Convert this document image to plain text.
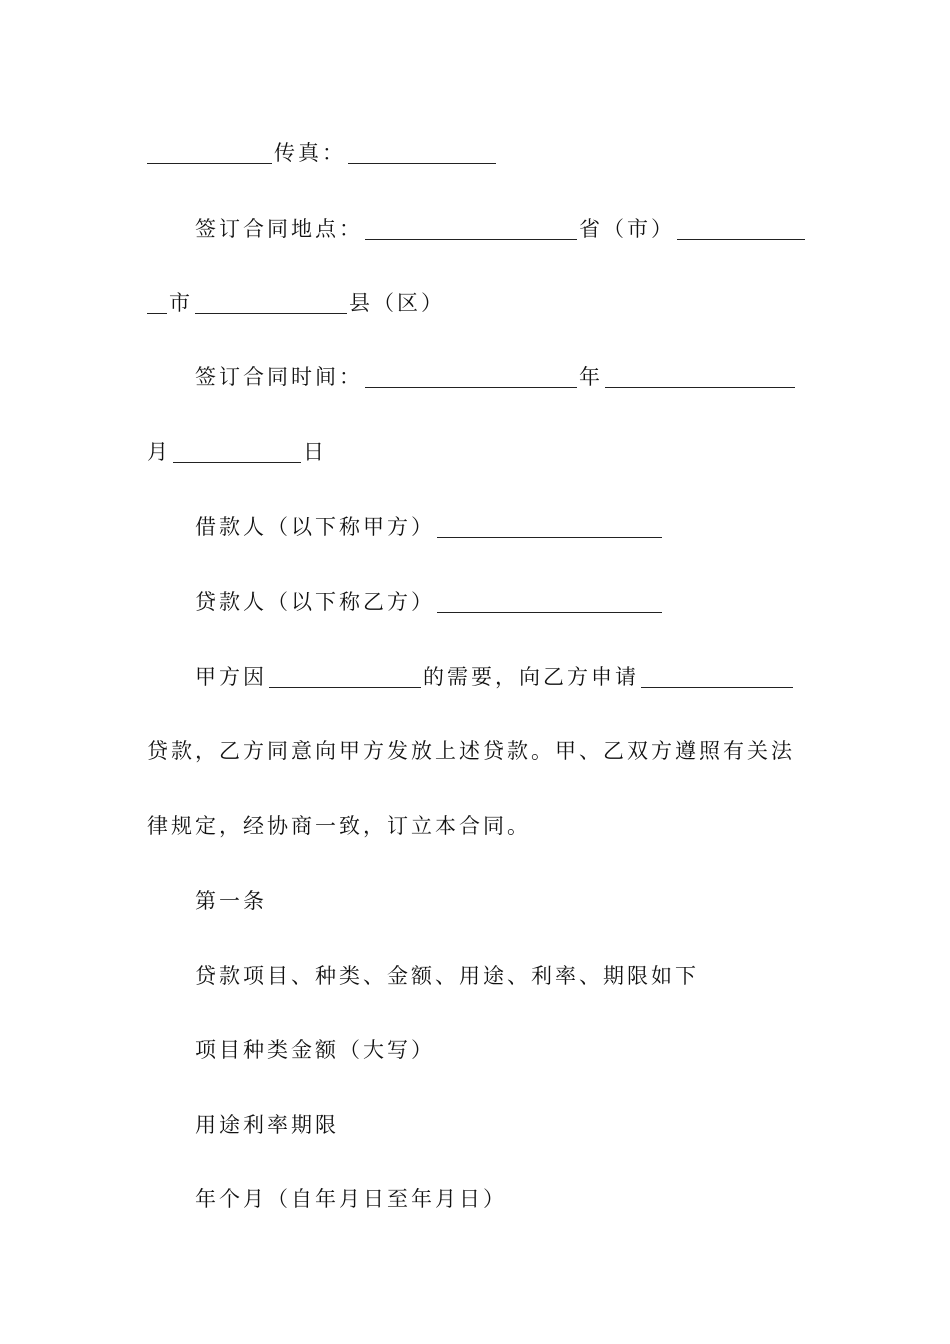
传真：
签订合同地点：	省（市）
市	县（区）
签订合同时间：	年
月	日
借款人（以下称甲方）
贷款人（以下称乙方）
甲方因	的需要，向乙方申请
贷款，乙方同意向甲方发放上述贷款。甲、乙双方遵照有关法
律规定，经协商一致，订立本合同。
第一条
贷款项目、种类、金额、用途、利率、期限如下
项目种类金额（大写）
用途利率期限
年个月（自年月日至年月日）
